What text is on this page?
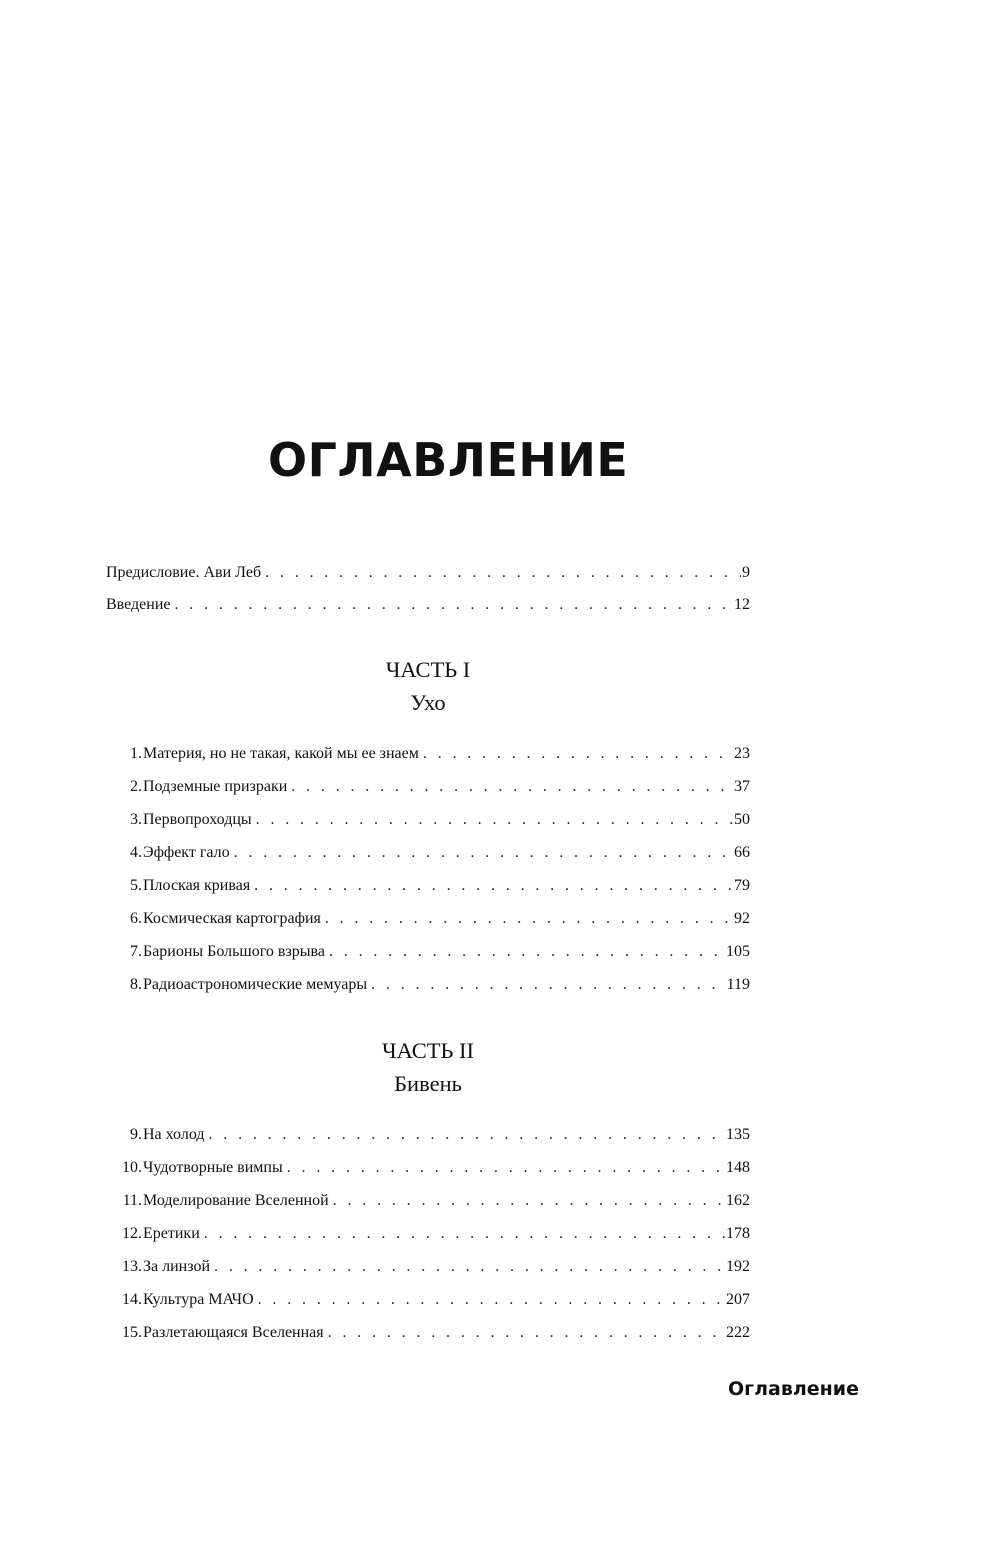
ОГЛАВЛЕНИЕ
Предисловие. Ави Леб . . .	9
Введение . . .	12
ЧАСТЬ I
Ухо
1. Материя, но не такая, какой мы ее знаем . . .	23
2. Подземные призраки . . .	37
3. Первопроходцы . . .	50
4. Эффект гало . . .	66
5. Плоская кривая . . .	79
6. Космическая картография . . .	92
7. Барионы Большого взрыва . . .	105
8. Радиоастрономические мемуары . . .	119
ЧАСТЬ II
Бивень
9. На холод . . .	135
10. Чудотворные вимпы . . .	148
11. Моделирование Вселенной . . .	162
12. Еретики . . .	178
13. За линзой . . .	192
14. Культура МАЧО . . .	207
15. Разлетающаяся Вселенная . . .	222
Оглавление
